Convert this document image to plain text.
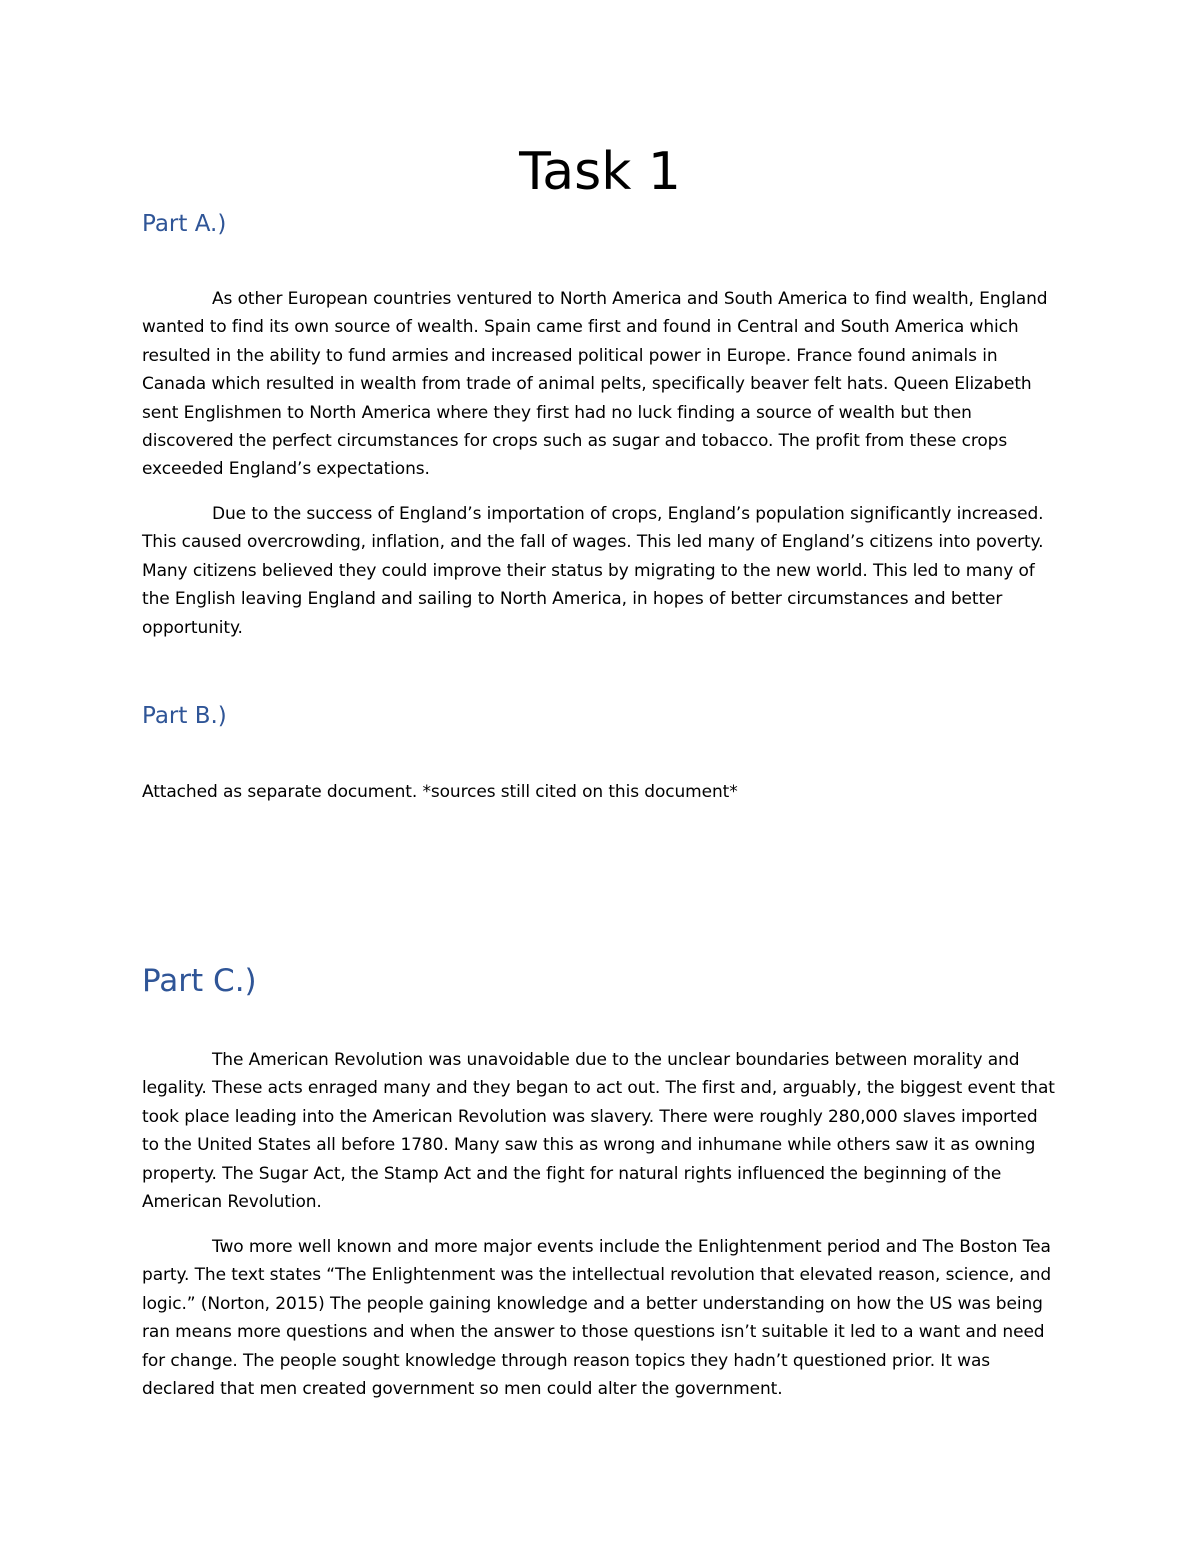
Task 1
Part A.)

As other European countries ventured to North America and South America to find wealth, England wanted to find its own source of wealth. Spain came first and found in Central and South America which resulted in the ability to fund armies and increased political power in Europe. France found animals in Canada which resulted in wealth from trade of animal pelts, specifically beaver felt hats. Queen Elizabeth sent Englishmen to North America where they first had no luck finding a source of wealth but then discovered the perfect circumstances for crops such as sugar and tobacco. The profit from these crops exceeded England’s expectations.

Due to the success of England’s importation of crops, England’s population significantly increased. This caused overcrowding, inflation, and the fall of wages. This led many of England’s citizens into poverty. Many citizens believed they could improve their status by migrating to the new world. This led to many of the English leaving England and sailing to North America, in hopes of better circumstances and better opportunity.

Part B.)

Attached as separate document. *sources still cited on this document*

Part C.)

The American Revolution was unavoidable due to the unclear boundaries between morality and legality. These acts enraged many and they began to act out. The first and, arguably, the biggest event that took place leading into the American Revolution was slavery. There were roughly 280,000 slaves imported to the United States all before 1780. Many saw this as wrong and inhumane while others saw it as owning property. The Sugar Act, the Stamp Act and the fight for natural rights influenced the beginning of the American Revolution.

Two more well known and more major events include the Enlightenment period and The Boston Tea party. The text states “The Enlightenment was the intellectual revolution that elevated reason, science, and logic.” (Norton, 2015) The people gaining knowledge and a better understanding on how the US was being ran means more questions and when the answer to those questions isn’t suitable it led to a want and need for change. The people sought knowledge through reason topics they hadn’t questioned prior. It was declared that men created government so men could alter the government.
